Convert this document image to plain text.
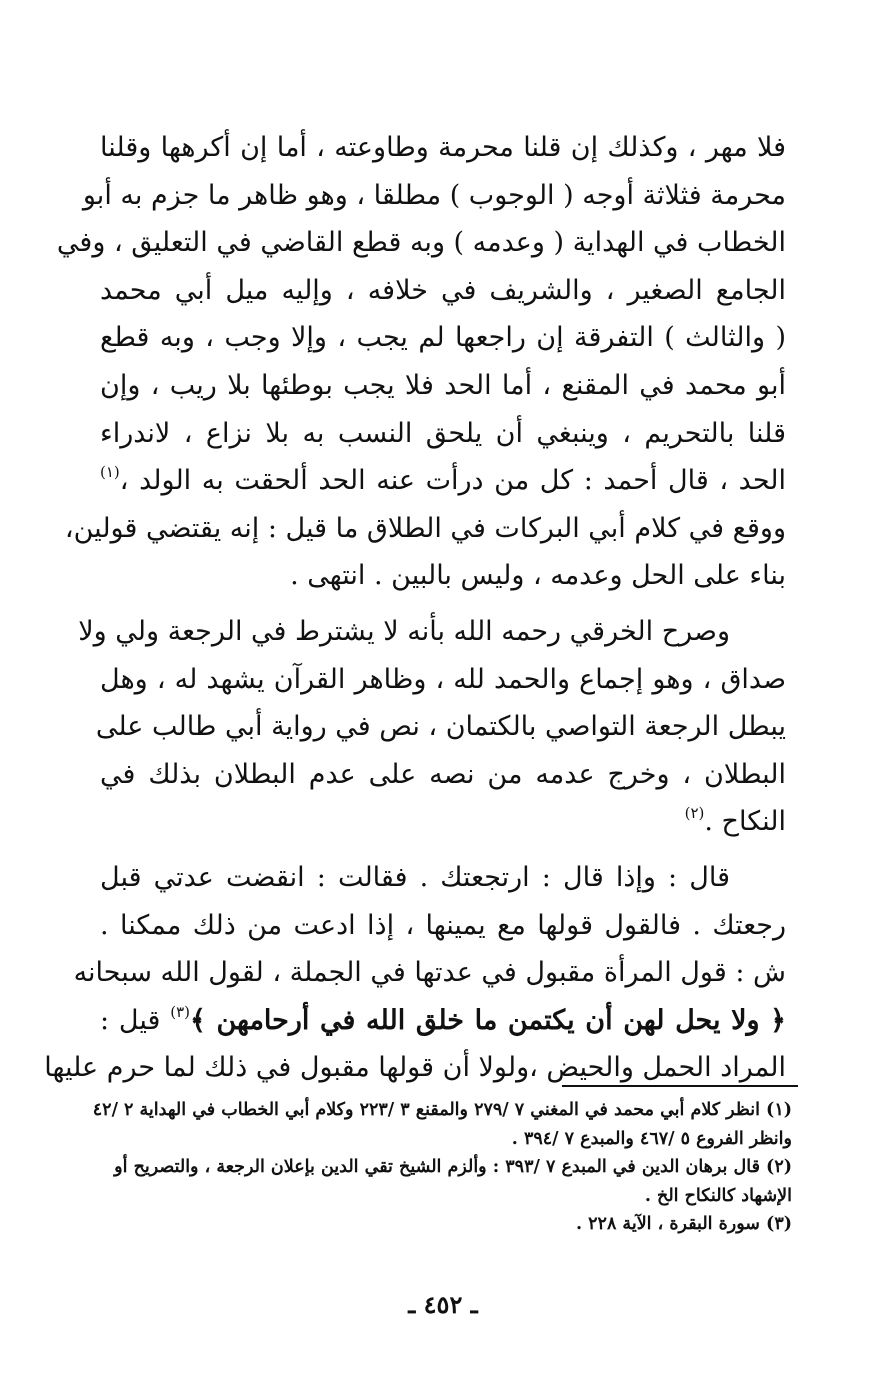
فلا مهر ، وكذلك إن قلنا محرمة وطاوعته ، أما إن أكرهها وقلنا
محرمة فثلاثة أوجه ( الوجوب ) مطلقا ، وهو ظاهر ما جزم به أبو
الخطاب في الهداية ( وعدمه ) وبه قطع القاضي في التعليق ، وفي
الجامع الصغير ، والشريف في خلافه ، وإليه ميل أبي محمد
( والثالث ) التفرقة إن راجعها لم يجب ، وإلا وجب ، وبه قطع
أبو محمد في المقنع ، أما الحد فلا يجب بوطئها بلا ريب ، وإن
قلنا بالتحريم ، وينبغي أن يلحق النسب به بلا نزاع ، لاندراء
الحد ، قال أحمد : كل من درأت عنه الحد ألحقت به الولد ،$^{(١)}$
ووقع في كلام أبي البركات في الطلاق ما قيل : إنه يقتضي قولين،
بناء على الحل وعدمه ، وليس بالبين . انتهى .

وصرح الخرقي رحمه الله بأنه لا يشترط في الرجعة ولي ولا
صداق ، وهو إجماع والحمد لله ، وظاهر القرآن يشهد له ، وهل
يبطل الرجعة التواصي بالكتمان ، نص في رواية أبي طالب على
البطلان ، وخرج عدمه من نصه على عدم البطلان بذلك في
النكاح .$^{(٢)}$

قال : وإذا قال : ارتجعتك . فقالت : انقضت عدتي قبل
رجعتك . فالقول قولها مع يمينها ، إذا ادعت من ذلك ممكنا .
ش : قول المرأة مقبول في عدتها في الجملة ، لقول الله سبحانه
﴿ ولا يحل لهن أن يكتمن ما خلق الله في أرحامهن ﴾$^{(٣)}$ قيل :
المراد الحمل والحيض ،ولولا أن قولها مقبول في ذلك لما حرم عليها

(١) انظر كلام أبي محمد في المغني ٧ /٢٧٩ والمقنع ٣ /٢٢٣ وكلام أبي الخطاب في الهداية ٢ /٤٢
وانظر الفروع ٥ /٤٦٧ والمبدع ٧ /٣٩٤ .

(٢) قال برهان الدين في المبدع ٧ /٣٩٣ : وألزم الشيخ تقي الدين بإعلان الرجعة ، والتصريح أو
الإشهاد كالنكاح الخ .

(٣) سورة البقرة ، الآية ٢٢٨ .

ـ ٤٥٢ ـ
